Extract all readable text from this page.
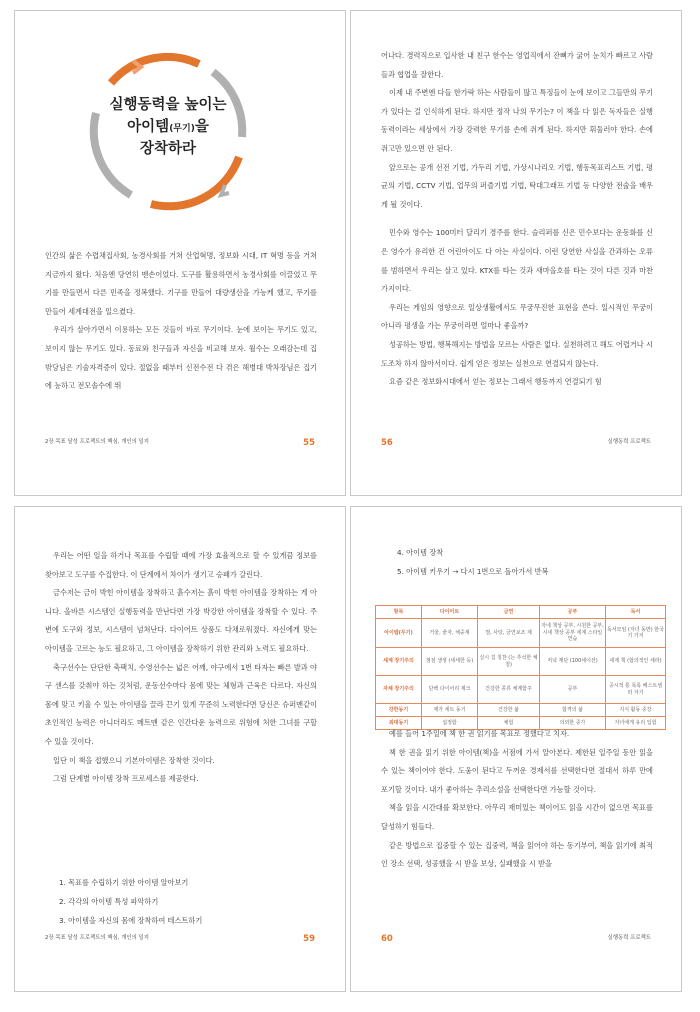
실행동력을 높이는
아이템(무기)을
장착하라

인간의 삶은 수렵채집사회, 농경사회를 거쳐 산업혁명, 정보화 시대, IT 혁명 등을 거쳐 지금까지 왔다. 처음엔 당연히 맨손이었다. 도구를 활용하면서 농경사회를 이끌었고 무기를 만들면서 다른 민족을 정복했다. 기구를 만들어 대량생산을 가능케 했고, 무기를 만들어 세계대전을 일으켰다.

우리가 살아가면서 이용하는 모든 것들이 바로 무기이다. 눈에 보이는 무기도 있고, 보이지 않는 무기도 있다. 동료와 친구들과 자신을 비교해 보자. 월수는 오래감는데 집 밖당님은 기술자격증이 있다. 절없을 때부터 신전수전 다 겪은 해병대 박차장님은 집기에 능하고 전모솔수에 뛰

2장 목표 달성 프로젝트의 핵심, 개인의 일지	55

어나다. 경력직으로 입사한 내 친구 한수는 영업직에서 잔뼈가 굵어 눈치가 빠르고 사람들과 협업을 잘한다.

이제 내 주변엔 다들 한가락 하는 사람들이 많고 특징들이 눈에 보이고 그들만의 무기가 있다는 걸 인식하게 된다. 하지만 정작 나의 무기는? 이 책을 다 읽은 독자들은 실행동력이라는 세상에서 가장 강력한 무기를 손에 쥐게 된다. 하지만 휘둘러야 한다. 손에 쥐고만 있으면 안 된다.

앞으로는 공개 선전 기법, 가두리 기법, 가상시나리오 기법, 행동목표리스트 기법, 평균의 기법, CCTV 기법, 업무의 퍼즐기법 기법, 탁대그래프 기법 등 다양한 전술을 배우게 될 것이다.

민수와 영수는 100미터 달리기 경주를 한다. 슬리퍼를 신은 민수보다는 운동화를 신은 영수가 유리한 건 어린아이도 다 아는 사실이다. 이런 당연한 사실을 간과하는 오류를 범하면서 우리는 살고 있다. KTX를 타는 것과 새마을호를 타는 것이 다른 것과 마찬가지이다.

우리는 게임의 영향으로 일상생활에서도 무궁무진한 표현을 쓴다. 일시적인 무궁이 아니라 평생을 가는 무궁이라면 얼마나 좋을까?

성공하는 방법, 행복해지는 방법을 모르는 사람은 없다. 실천하려고 해도 어렵거나 시도조차 하지 않아서이다. 쉽게 얻은 정보는 실천으로 연결되지 않는다.

요즘 같은 정보화시대에서 얻는 정보는 그래서 행동까지 연결되기 힘

56	실행동력 프로젝트

우리는 어떤 일을 하거나 목표를 수립할 때에 가장 효율적으로 할 수 있게끔 정보를 찾아보고 도구를 수집한다. 이 단계에서 차이가 생기고 승패가 갈린다.

금수저는 금이 박힌 아이템을 장착하고 흙수저는 흙이 박힌 아이템을 장착하는 게 아니다. 올바른 시스템인 실행동력을 만난다면 가장 박강한 아이템을 장착할 수 있다. 주변에 도구와 정보, 시스템이 넘쳐난다. 다이어트 상품도 다채로워졌다. 자신에게 맞는 아이템을 고르는 능도 필요하고, 그 아이템을 장착하기 위한 관리와 노력도 필요하다.

축구선수는 단단한 축팩치, 수영선수는 넓은 어깨, 야구에서 1번 타자는 빠른 발과 야구 센스를 갖춰야 하는 것처럼, 운동선수마다 몸에 맞는 체형과 근육은 다르다. 자신의 몸에 맞고 키울 수 있는 아이템을 끌라 끈기 있게 꾸준히 노력한다면 당신은 슈퍼맨같이 초인적인 능력은 아니더라도 메트맨 같은 인간다운 능력으로 위험에 처한 그녀를 구할 수 있을 것이다.

일단 이 책을 접했으니 기본아이템은 장착한 것이다.

그럼 단계별 아이템 장착 프로세스를 제공한다.

1. 목표를 수립하기 위한 아이템 알아보기
2. 각각의 아이템 특성 파악하기
3. 아이템을 자신의 몸에 장착하여 테스트하기
2장 목표 달성 프로젝트의 핵심, 개인의 일지	59
4. 아이템 장착
5. 아이템 키우기 → 다시 1번으로 돌아가서 반복
항목	다이어트	금연	공부	독서
아이템(무기)	거울, 줄자, 체중계	껌, 사탕, 금연보조 제	자네 책상 공부, 시원한 공부, 시네 책상 공부 세계 스타일 연습	독서모임 (자녀 동반) 한국 기 가지
세계 장기주의	점점 생생 (세세한 등)	실시 집 칭찬 (는 추석한 체 청)	저녁 계단 (100세이션)	세계 책 (합의적인 세라)
자체 장기주의	단백 다이어리 제크	건강한 콩류 체계함주	공부	공시적 통 목록 베스트셀러 자기
강한동기	제가 세트 동기	건강한 삶	합격의 삶	지식 활동 증강
최대동기	섭정함	체험	의외한 증가	자녀에게 유리 입험

예를 들어 1주일에 책 한 권 읽기를 목표로 정했다고 치자.

책 한 권을 읽기 위한 아이템(책)을 서점에 가서 알아본다. 제한된 일주일 동안 읽을 수 있는 책이어야 한다. 도움이 된다고 두꺼운 경제서를 선택한다면 절대서 하루 만에 포기할 것이다. 내가 좋아하는 추리소설을 선택한다면 가능할 것이다.

책을 읽을 시간대를 확보한다. 아무리 재미있는 책이어도 읽을 시간이 없으면 목표를 달성하기 힘들다.

같은 방법으로 집중할 수 있는 집중력, 책을 읽어야 하는 동기부여, 책을 읽기에 최적인 장소 선택, 성공했을 시 받을 보상, 실패했을 시 받을

60	실행동력 프로젝트
